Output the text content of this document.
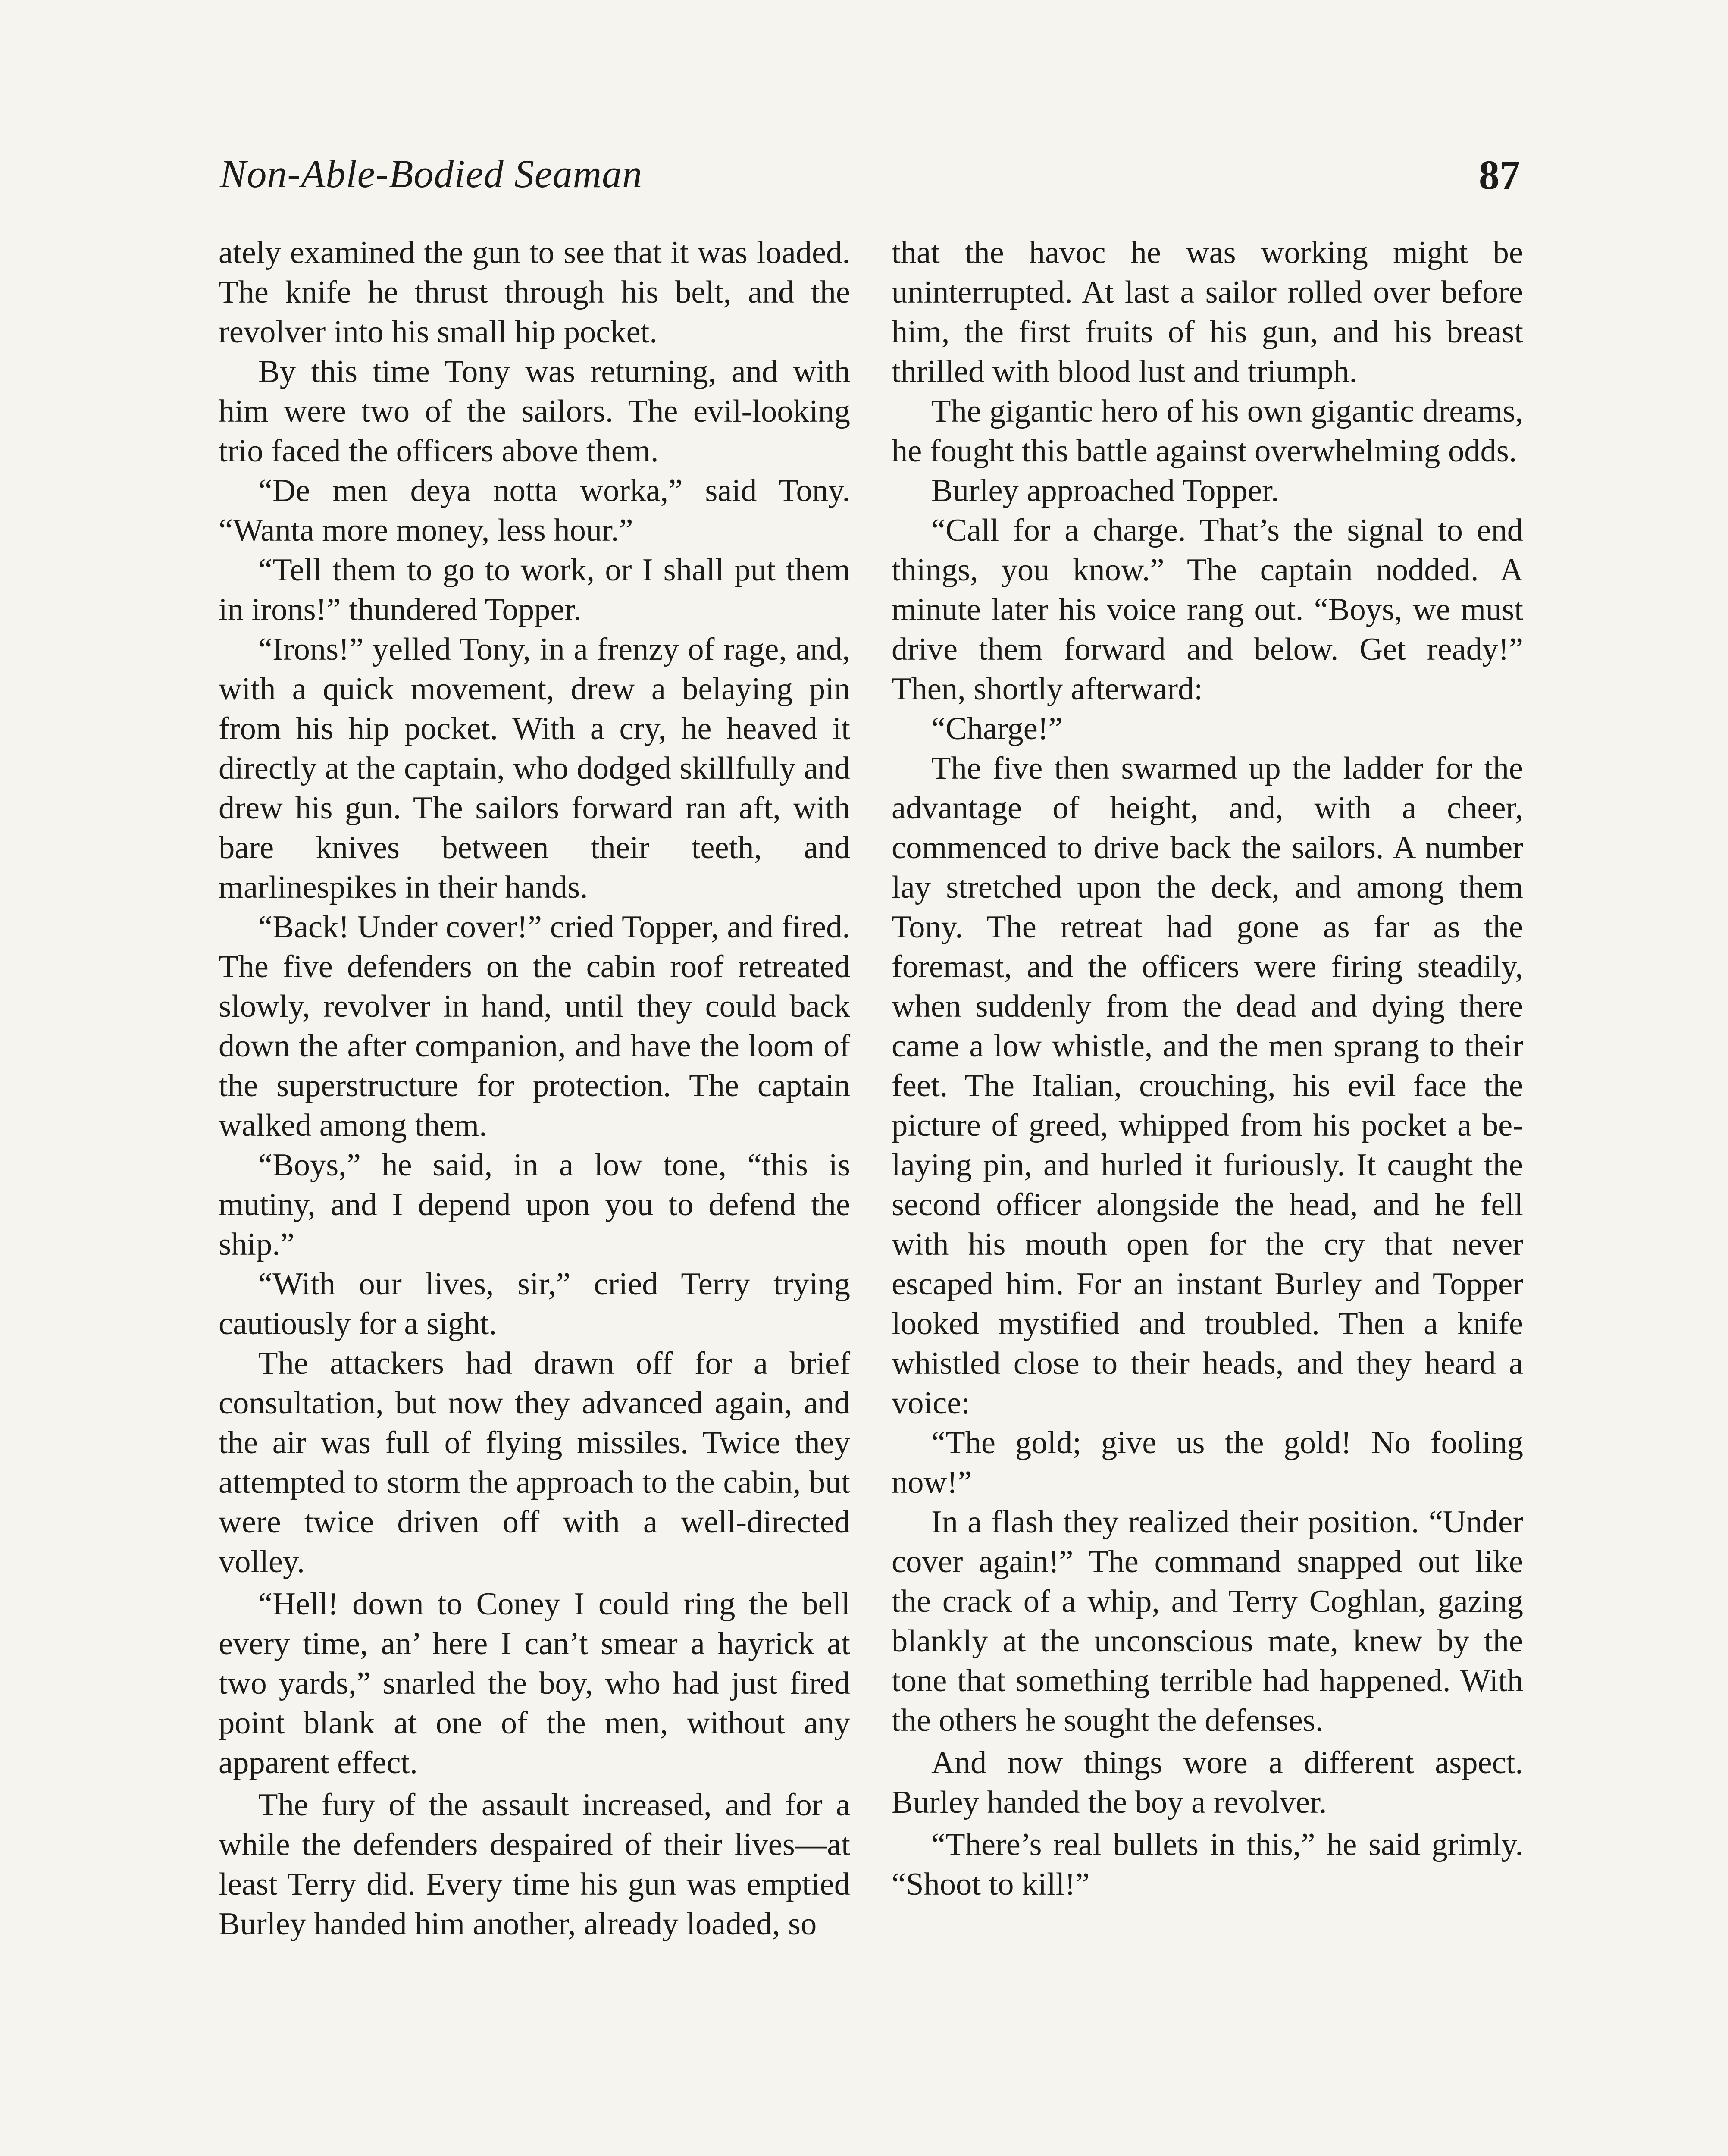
Non-Able-Bodied Seaman	87

ately examined the gun to see that it was loaded. The knife he thrust through his belt, and the revolver into his small hip pocket.

By this time Tony was returning, and with him were two of the sailors. The evil-looking trio faced the officers above them.

“De men deya notta worka,” said Tony. “Wanta more money, less hour.”

“Tell them to go to work, or I shall put them in irons!” thundered Topper.

“Irons!” yelled Tony, in a frenzy of rage, and, with a quick movement, drew a belaying pin from his hip pocket. With a cry, he heaved it directly at the captain, who dodged skillfully and drew his gun. The sailors forward ran aft, with bare knives between their teeth, and marlinespikes in their hands.

“Back! Under cover!” cried Topper, and fired. The five defenders on the cabin roof retreated slowly, revolver in hand, until they could back down the after companion, and have the loom of the superstructure for protection. The captain walked among them.

“Boys,” he said, in a low tone, “this is mutiny, and I depend upon you to defend the ship.”

“With our lives, sir,” cried Terry trying cautiously for a sight.

The attackers had drawn off for a brief consultation, but now they advanced again, and the air was full of flying missiles. Twice they attempted to storm the approach to the cabin, but were twice driven off with a well-directed volley.

“Hell! down to Coney I could ring the bell every time, an’ here I can’t smear a hayrick at two yards,” snarled the boy, who had just fired point blank at one of the men, without any apparent effect.

The fury of the assault increased, and for a while the defenders despaired of their lives—at least Terry did. Every time his gun was emptied Burley handed him another, already loaded, so

that the havoc he was working might be uninterrupted. At last a sailor rolled over before him, the first fruits of his gun, and his breast thrilled with blood lust and triumph.

The gigantic hero of his own gigantic dreams, he fought this battle against overwhelming odds.

Burley approached Topper.

“Call for a charge. That’s the signal to end things, you know.” The captain nodded. A minute later his voice rang out. “Boys, we must drive them forward and below. Get ready!” Then, shortly afterward:

“Charge!”

The five then swarmed up the ladder for the advantage of height, and, with a cheer, commenced to drive back the sailors. A number lay stretched upon the deck, and among them Tony. The retreat had gone as far as the foremast, and the officers were firing steadily, when suddenly from the dead and dying there came a low whistle, and the men sprang to their feet. The Italian, crouching, his evil face the picture of greed, whipped from his pocket a belaying pin, and hurled it furiously. It caught the second officer alongside the head, and he fell with his mouth open for the cry that never escaped him. For an instant Burley and Topper looked mystified and troubled. Then a knife whistled close to their heads, and they heard a voice:

“The gold; give us the gold! No fooling now!”

In a flash they realized their position. “Under cover again!” The command snapped out like the crack of a whip, and Terry Coghlan, gazing blankly at the unconscious mate, knew by the tone that something terrible had happened. With the others he sought the defenses.

And now things wore a different aspect. Burley handed the boy a revolver.

“There’s real bullets in this,” he said grimly. “Shoot to kill!”
